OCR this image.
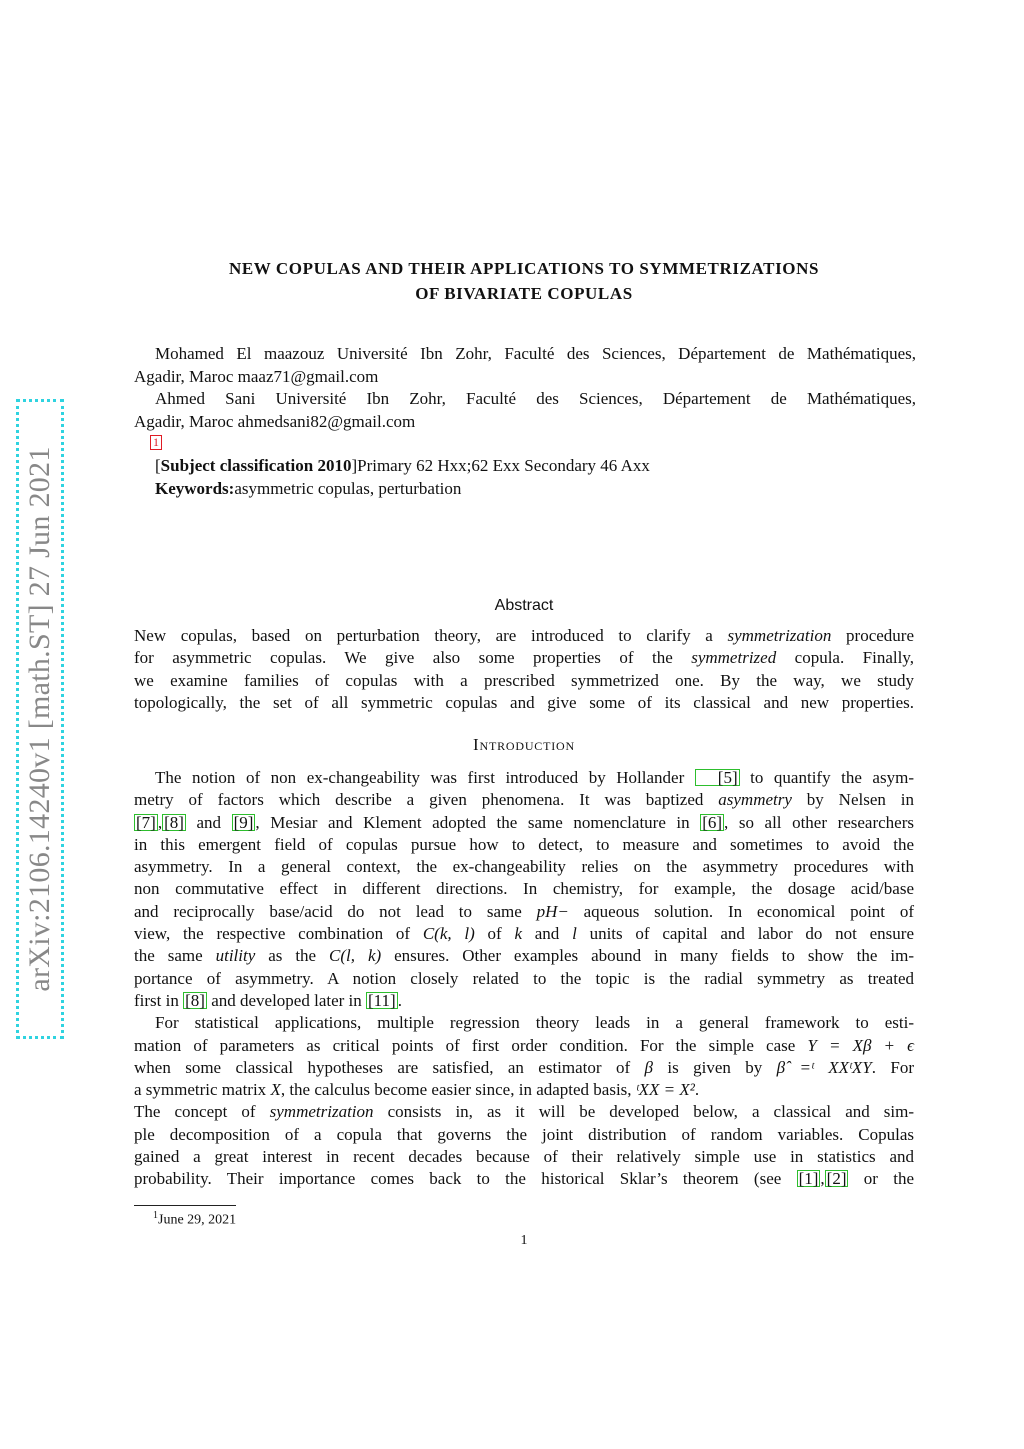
arXiv:2106.14240v1 [math.ST] 27 Jun 2021
NEW COPULAS AND THEIR APPLICATIONS TO SYMMETRIZATIONS
OF BIVARIATE COPULAS
Mohamed El maazouz Université Ibn Zohr, Faculté des Sciences, Département de Mathématiques,
Agadir, Maroc maaz71@gmail.com
Ahmed Sani Université Ibn Zohr, Faculté des Sciences, Département de Mathématiques,
Agadir, Maroc ahmedsani82@gmail.com
1
[Subject classification 2010]Primary 62 Hxx;62 Exx Secondary 46 Axx
Keywords:asymmetric copulas, perturbation
Abstract
New copulas, based on perturbation theory, are introduced to clarify a symmetrization procedure
for asymmetric copulas. We give also some properties of the symmetrized copula. Finally,
we examine families of copulas with a prescribed symmetrized one. By the way, we study
topologically, the set of all symmetric copulas and give some of its classical and new properties.
Introduction
The notion of non ex-changeability was first introduced by Hollander [5] to quantify the asym-
metry of factors which describe a given phenomena. It was baptized asymmetry by Nelsen in
[7] , [8] and [9] , Mesiar and Klement adopted the same nomenclature in [6] , so all other researchers
in this emergent field of copulas pursue how to detect, to measure and sometimes to avoid the
asymmetry. In a general context, the ex-changeability relies on the asymmetry procedures with
non commutative effect in different directions. In chemistry, for example, the dosage acid/base
and reciprocally base/acid do not lead to same pH− aqueous solution. In economical point of
view, the respective combination of C(k, l) of k and l units of capital and labor do not ensure
the same utility as the C(l, k) ensures. Other examples abound in many fields to show the im-
portance of asymmetry. A notion closely related to the topic is the radial symmetry as treated
first in [8] and developed later in [11] .
For statistical applications, multiple regression theory leads in a general framework to esti-
mation of parameters as critical points of first order condition. For the simple case Y = Xβ + ϵ
when some classical hypotheses are satisfied, an estimator of β is given by β̂ =ᵗ XXᵗXY. For
a symmetric matrix X, the calculus become easier since, in adapted basis, ᵗXX = X².
The concept of symmetrization consists in, as it will be developed below, a classical and sim-
ple decomposition of a copula that governs the joint distribution of random variables. Copulas
gained a great interest in recent decades because of their relatively simple use in statistics and
probability. Their importance comes back to the historical Sklar’s theorem (see [1] , [2] or the
$^1$June 29, 2021
1
